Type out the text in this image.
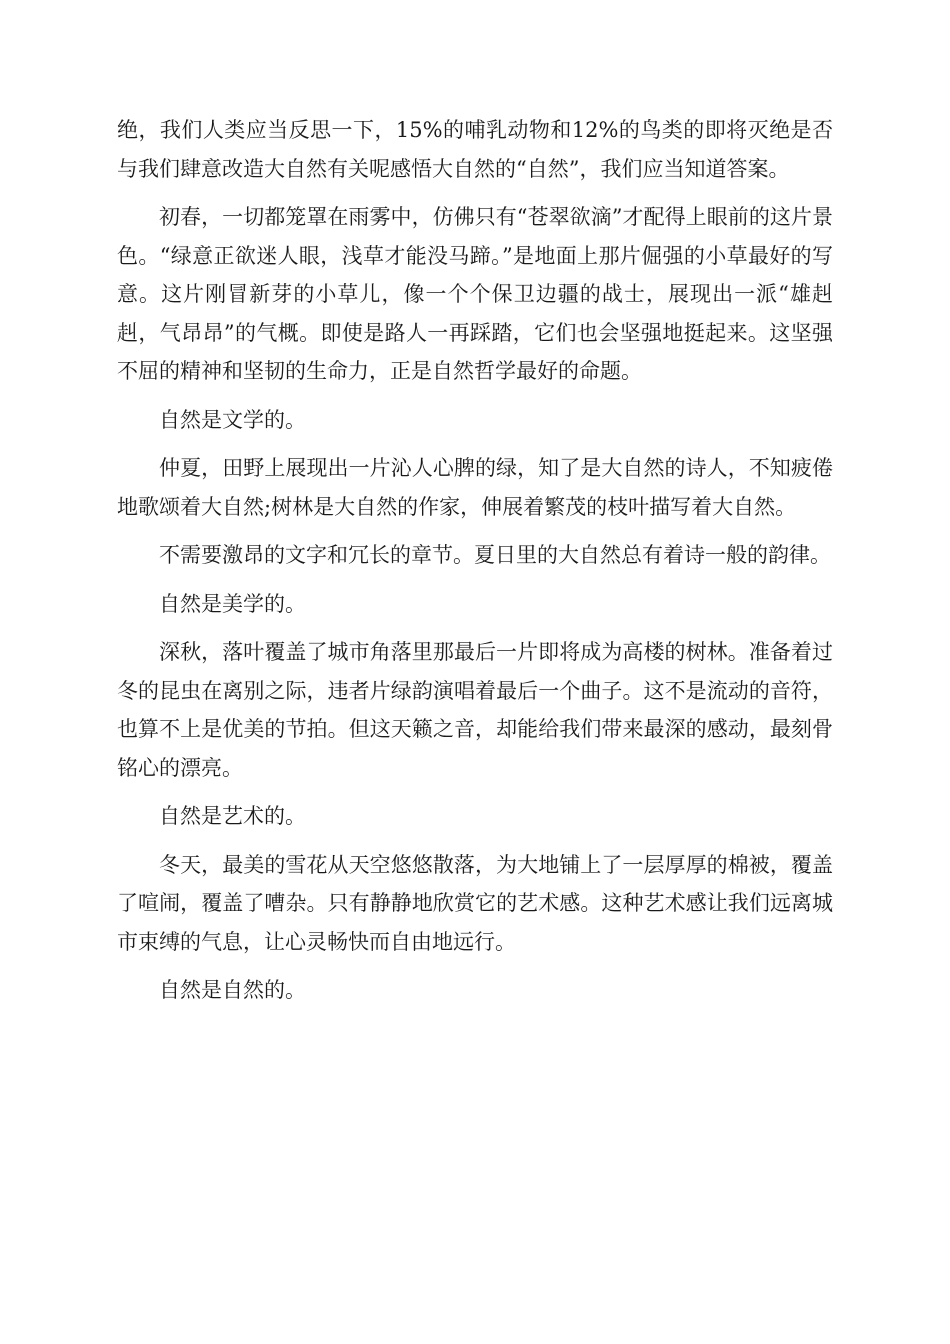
绝，我们人类应当反思一下，15%的哺乳动物和12%的鸟类的即将灭绝是否与我们肆意改造大自然有关呢感悟大自然的“自然”，我们应当知道答案。

初春，一切都笼罩在雨雾中，仿佛只有“苍翠欲滴”才配得上眼前的这片景色。“绿意正欲迷人眼，浅草才能没马蹄。”是地面上那片倔强的小草最好的写意。这片刚冒新芽的小草儿，像一个个保卫边疆的战士，展现出一派“雄赳赳，气昂昂”的气概。即使是路人一再踩踏，它们也会坚强地挺起来。这坚强不屈的精神和坚韧的生命力，正是自然哲学最好的命题。

自然是文学的。

仲夏，田野上展现出一片沁人心脾的绿，知了是大自然的诗人，不知疲倦地歌颂着大自然;树林是大自然的作家，伸展着繁茂的枝叶描写着大自然。

不需要激昂的文字和冗长的章节。夏日里的大自然总有着诗一般的韵律。

自然是美学的。

深秋，落叶覆盖了城市角落里那最后一片即将成为高楼的树林。准备着过冬的昆虫在离别之际，违者片绿韵演唱着最后一个曲子。这不是流动的音符，也算不上是优美的节拍。但这天籁之音，却能给我们带来最深的感动，最刻骨铭心的漂亮。

自然是艺术的。

冬天，最美的雪花从天空悠悠散落，为大地铺上了一层厚厚的棉被，覆盖了喧闹，覆盖了嘈杂。只有静静地欣赏它的艺术感。这种艺术感让我们远离城市束缚的气息，让心灵畅快而自由地远行。

自然是自然的。
